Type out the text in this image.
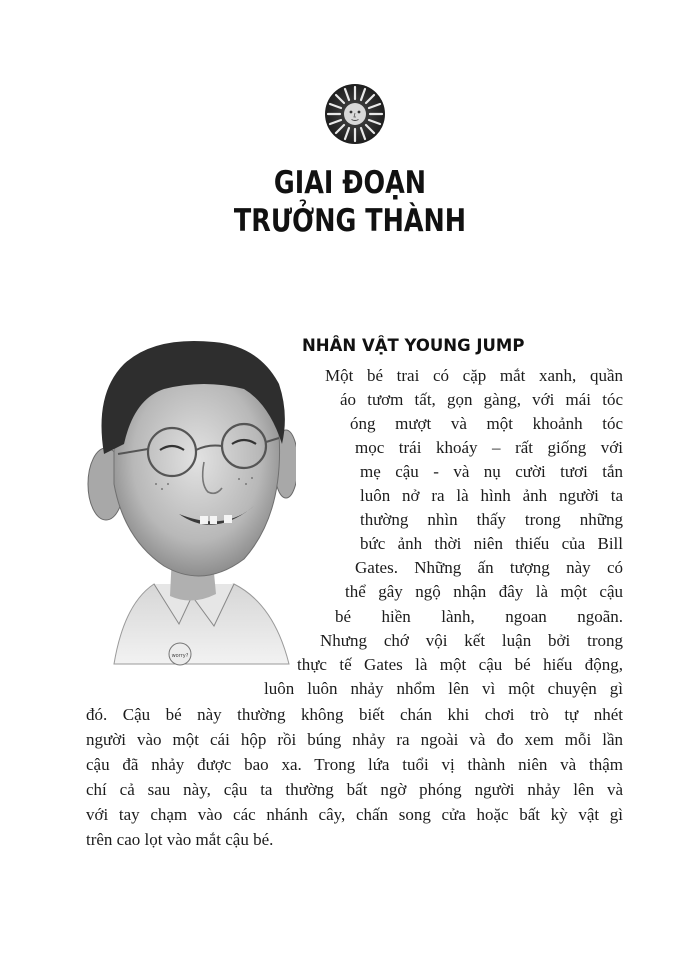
GIAI ĐOẠN
TRƯỞNG THÀNH
worry?
NHÂN VẬT YOUNG JUMP
Một bé trai có cặp mắt xanh, quần
áo tươm tất, gọn gàng, với mái tóc
óng mượt và một khoảnh tóc
mọc trái khoáy – rất giống với
mẹ cậu - và nụ cười tươi tắn
luôn nở ra là hình ảnh người ta
thường nhìn thấy trong những
bức ảnh thời niên thiếu của Bill
Gates. Những ấn tượng này có
thể gây ngộ nhận đây là một cậu
bé hiền lành, ngoan ngoãn.
Nhưng chớ vội kết luận bởi trong
thực tế Gates là một cậu bé hiếu động,
luôn luôn nhảy nhổm lên vì một chuyện gì
đó. Cậu bé này thường không biết chán khi chơi trò tự nhét
người vào một cái hộp rồi búng nhảy ra ngoài và đo xem mỗi lần
cậu đã nhảy được bao xa. Trong lứa tuổi vị thành niên và thậm
chí cả sau này, cậu ta thường bất ngờ phóng người nhảy lên và
với tay chạm vào các nhánh cây, chấn song cửa hoặc bất kỳ vật gì
trên cao lọt vào mắt cậu bé.
